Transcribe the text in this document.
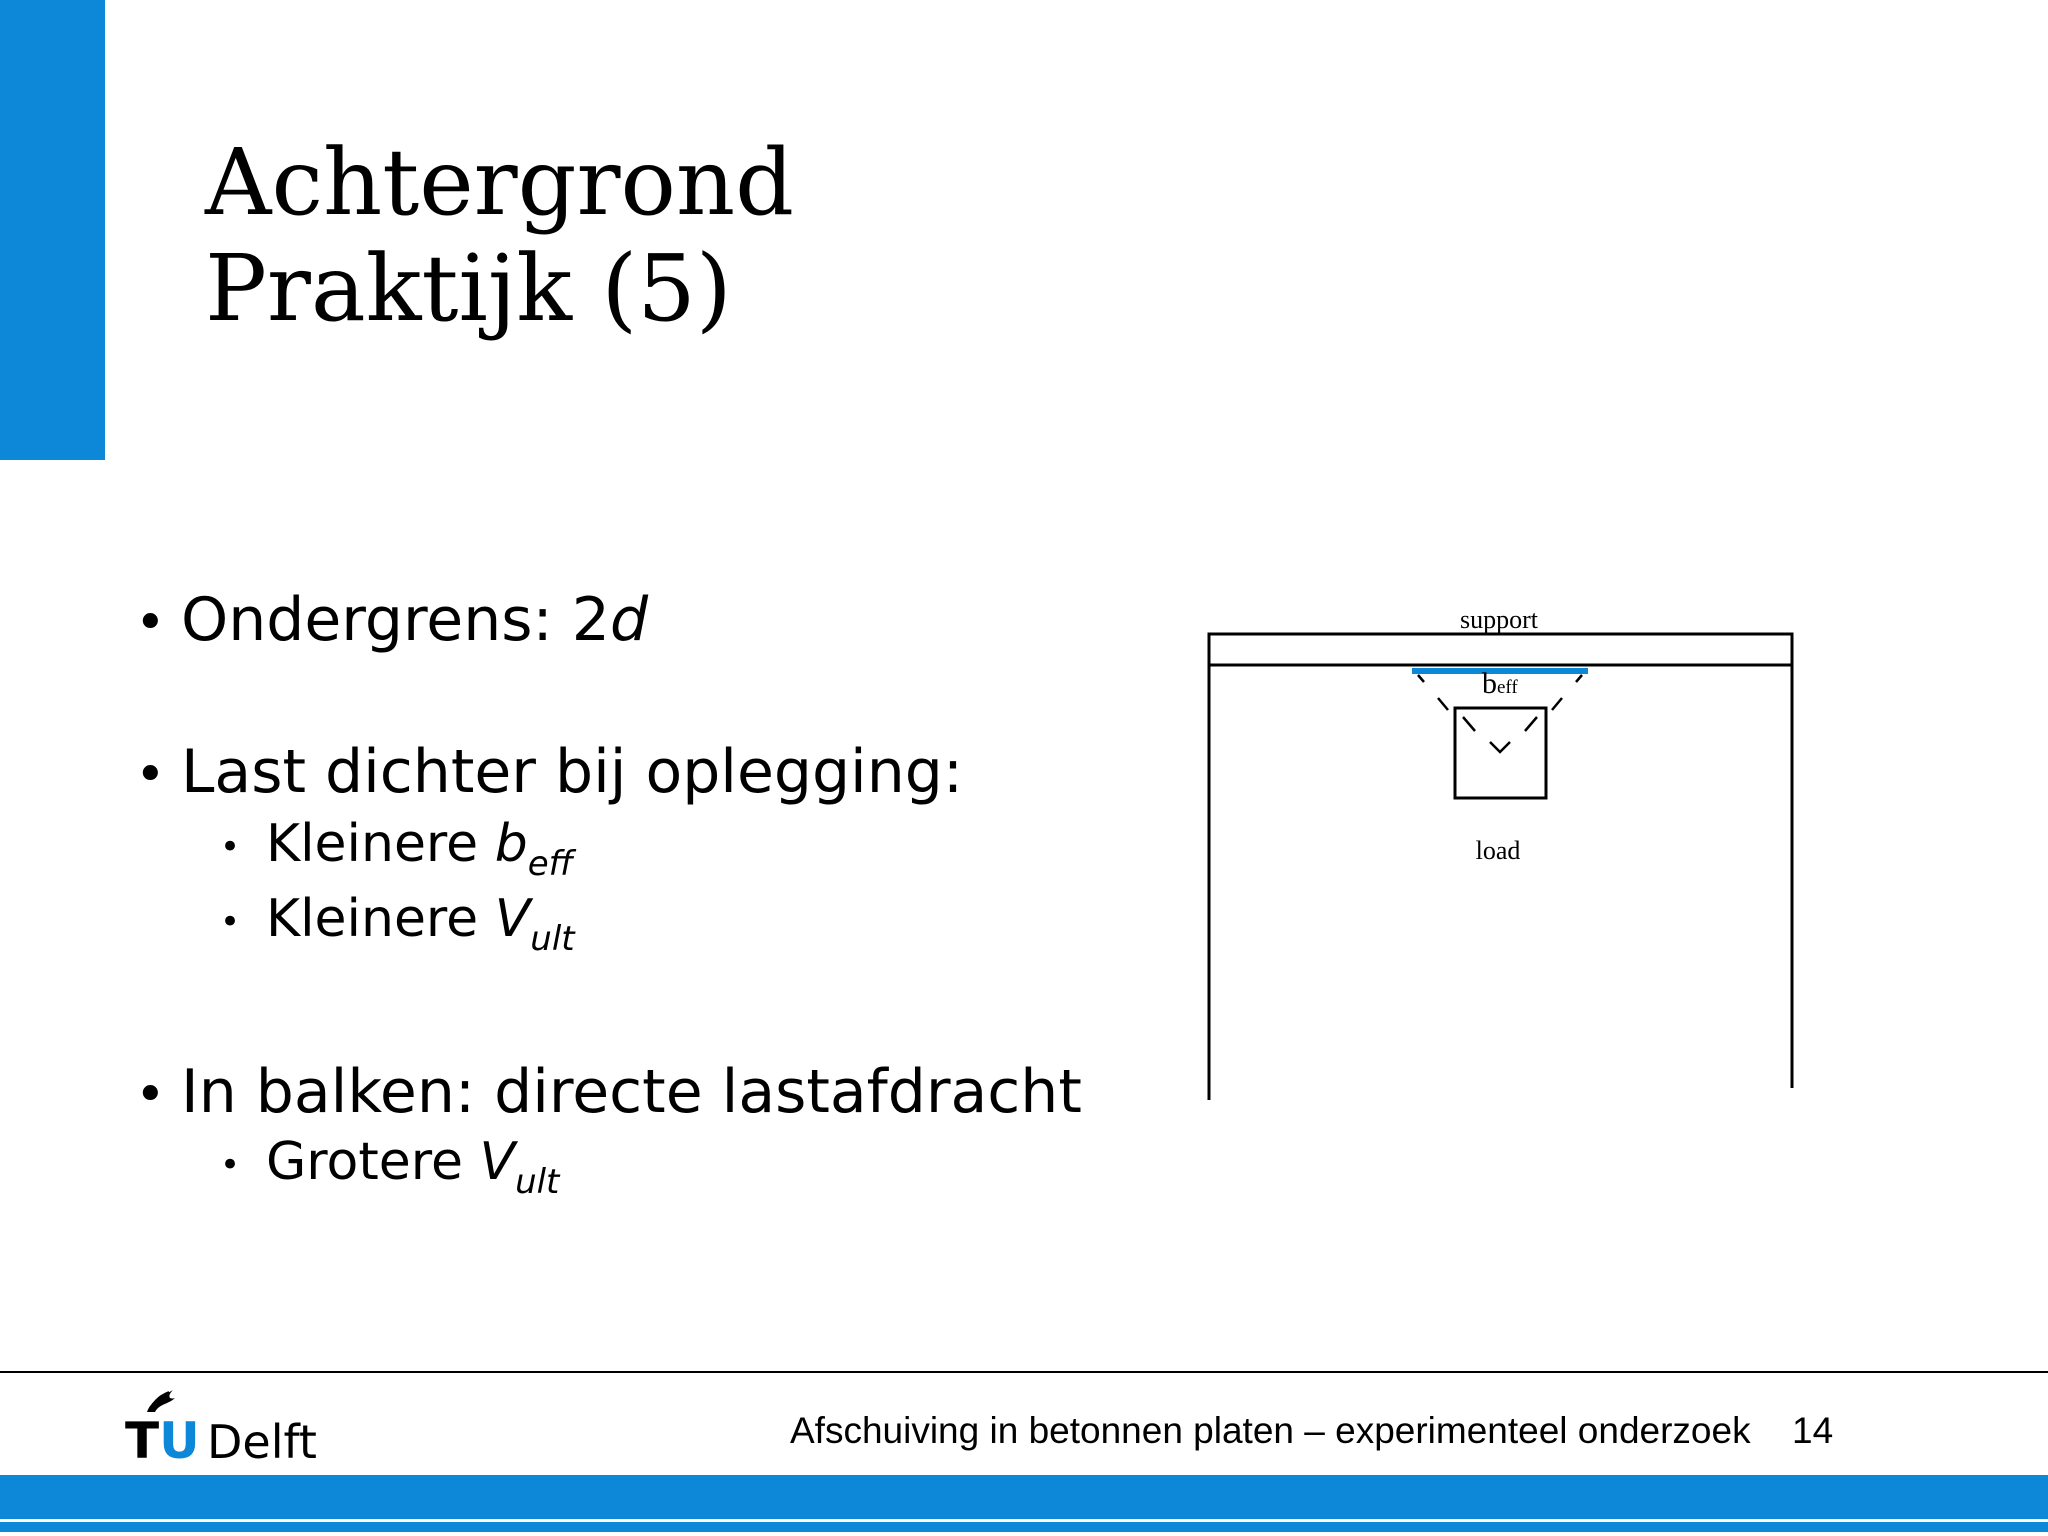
Achtergrond
Praktijk (5)
• Ondergrens: 2d
• Last dichter bij oplegging:
• Kleinere $b_{eff}$
• Kleinere $V_{ult}$
• In balken: directe lastafdracht
• Grotere $V_{ult}$
support
beff
load
TU Delft	Afschuiving in betonnen platen – experimenteel onderzoek 14
